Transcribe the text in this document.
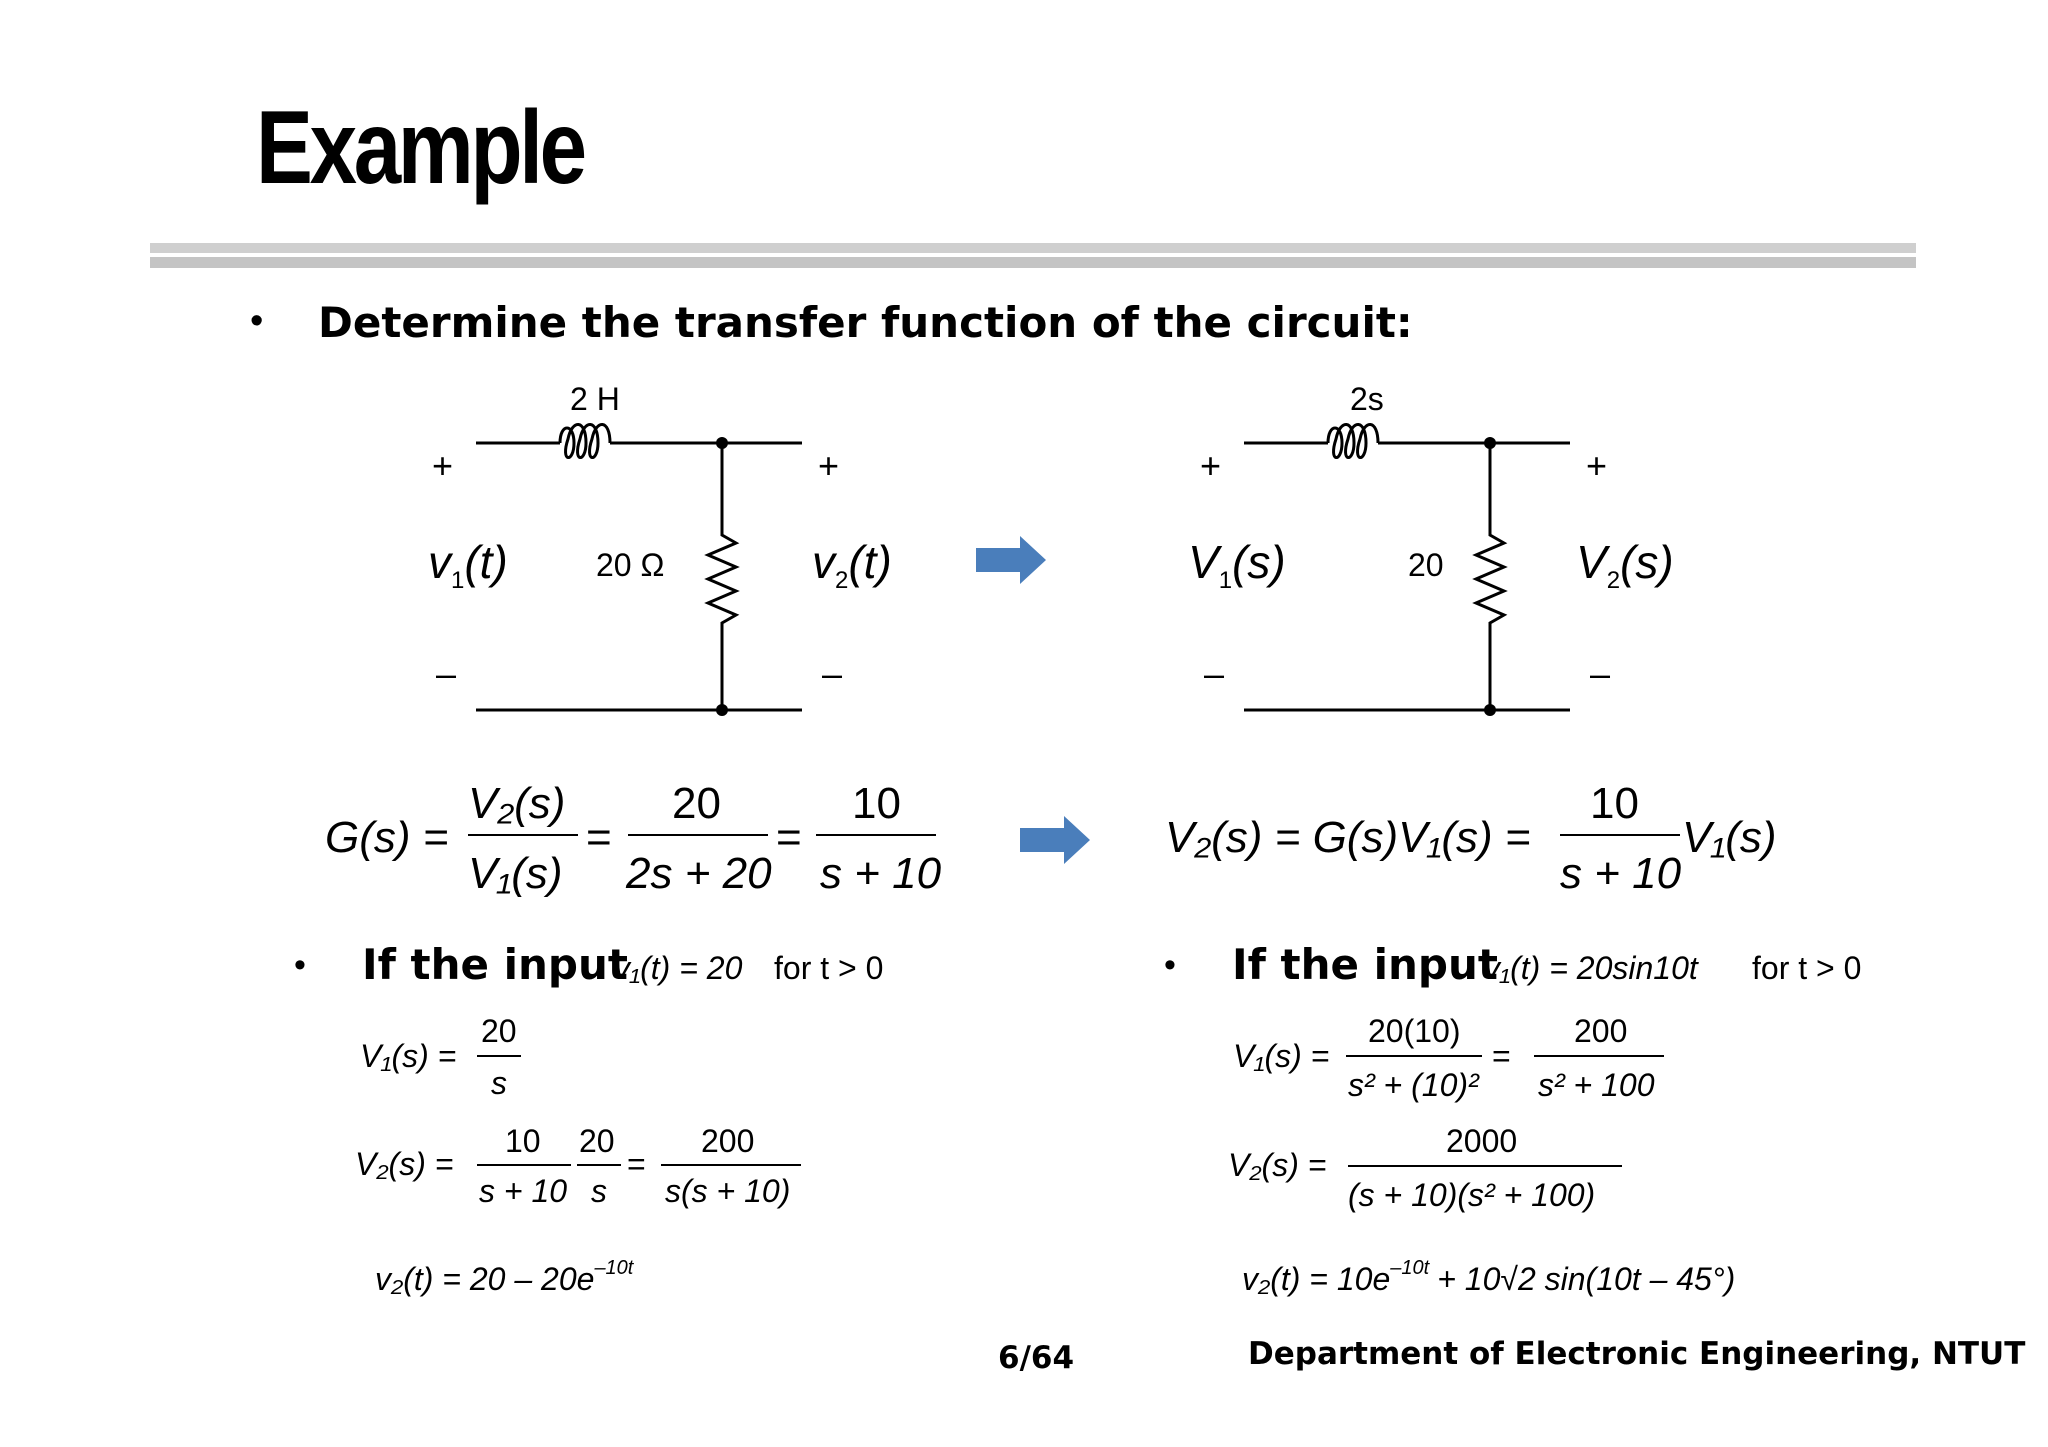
Example
• Determine the transfer function of the circuit:
2 H
+
–
+
–
$v_1(t)$	20 Ω	$v_2(t)$
2s
+
–
+
–
$V_1(s)$	20	$V_2(s)$
G(s) =
V₂(s)
V₁(s)
=
20
2s + 20
=
10
s + 10
V₂(s) = G(s)V₁(s) =
10
s + 10
V₁(s)
• If the input
v₁(t) = 20 for t > 0	• If the input
v₁(t) = 20sin10t for t > 0
V₁(s) =
20
s
V₂(s) =
10
s + 10
20
s
=
200
s(s + 10)
$v_2(t) = 20 - 20e^{-10t}$
V₁(s) =
20(10)
s² + (10)²
=
200
s² + 100
V₂(s) =
2000
(s + 10)(s² + 100)
$v_2(t) = 10e^{-10t} + 10√2$ sin(10t – 45°)
6/64	Department of Electronic Engineering, NTUT
